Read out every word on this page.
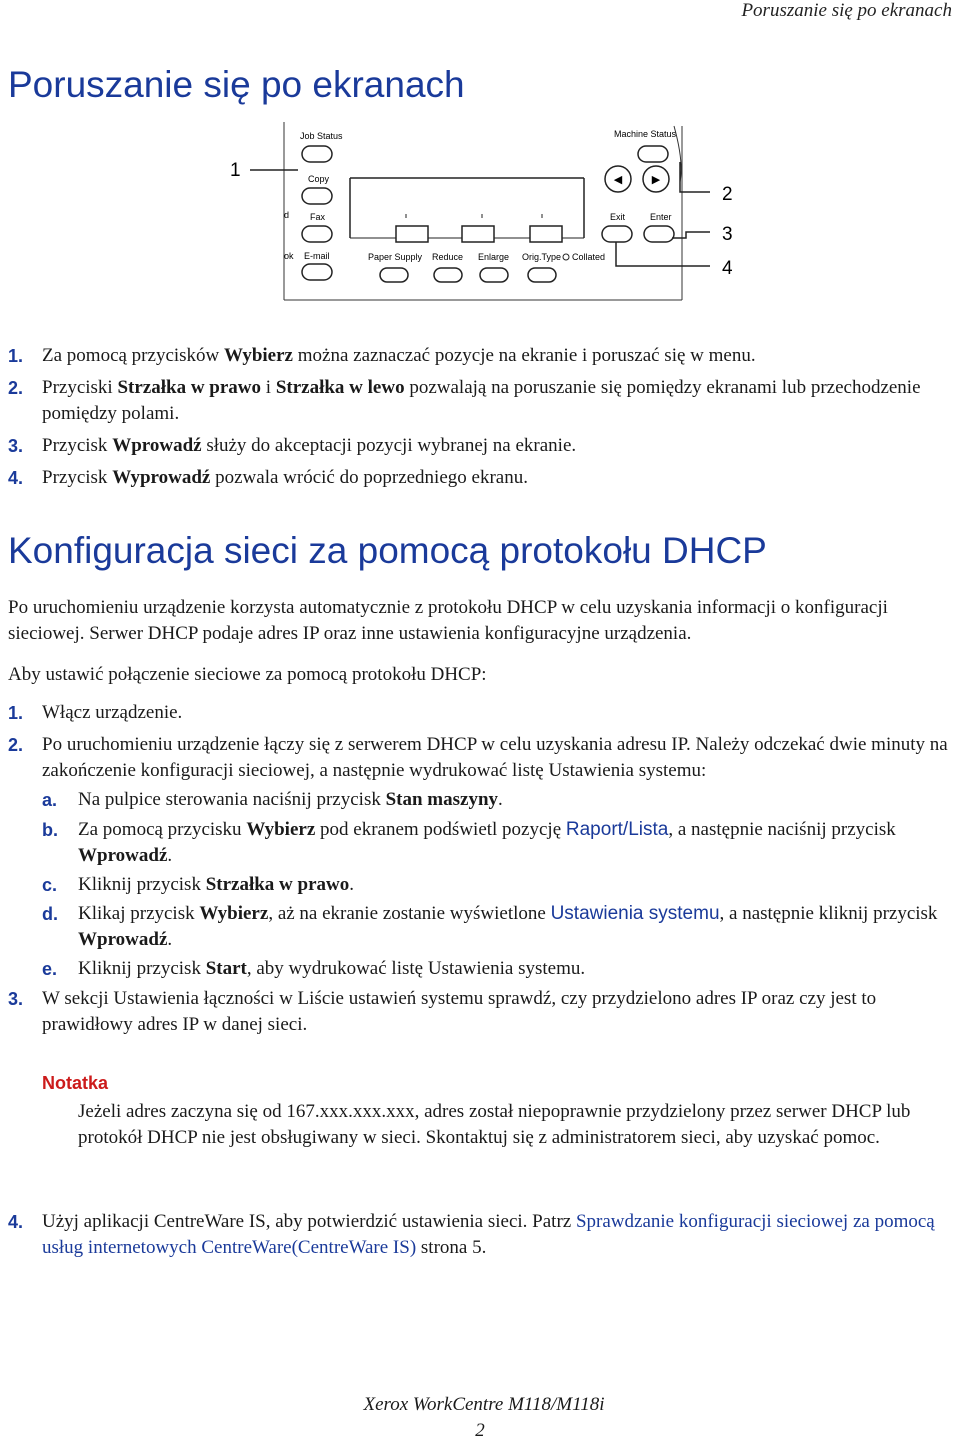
Poruszanie się po ekranach
Poruszanie się po ekranach
Job Status
Copy
Fax
d
E-mail
ok	Paper Supply Reduce Enlarge Orig.Type Collated
Machine Status
◀	▶
Exit	Enter
1
2
3
4
1. Za pomocą przycisków Wybierz można zaznaczać pozycje na ekranie i poruszać się w menu.
2. Przyciski Strzałka w prawo i Strzałka w lewo pozwalają na poruszanie się pomiędzy ekranami lub przechodzenie pomiędzy polami.
3. Przycisk Wprowadź służy do akceptacji pozycji wybranej na ekranie.
4. Przycisk Wyprowadź pozwala wrócić do poprzedniego ekranu.
Konfiguracja sieci za pomocą protokołu DHCP
Po uruchomieniu urządzenie korzysta automatycznie z protokołu DHCP w celu uzyskania informacji o konfiguracji sieciowej. Serwer DHCP podaje adres IP oraz inne ustawienia konfiguracyjne urządzenia.
Aby ustawić połączenie sieciowe za pomocą protokołu DHCP:
1. Włącz urządzenie.
2. Po uruchomieniu urządzenie łączy się z serwerem DHCP w celu uzyskania adresu IP. Należy odczekać dwie minuty na zakończenie konfiguracji sieciowej, a następnie wydrukować listę Ustawienia systemu:
a. Na pulpice sterowania naciśnij przycisk Stan maszyny.
b. Za pomocą przycisku Wybierz pod ekranem podświetl pozycję Raport/Lista, a następnie naciśnij przycisk Wprowadź.
c. Kliknij przycisk Strzałka w prawo.
d. Klikaj przycisk Wybierz, aż na ekranie zostanie wyświetlone Ustawienia systemu, a następnie kliknij przycisk Wprowadź.
e. Kliknij przycisk Start, aby wydrukować listę Ustawienia systemu.
3. W sekcji Ustawienia łączności w Liście ustawień systemu sprawdź, czy przydzielono adres IP oraz czy jest to prawidłowy adres IP w danej sieci.
Notatka
Jeżeli adres zaczyna się od 167.xxx.xxx.xxx, adres został niepoprawnie przydzielony przez serwer DHCP lub protokół DHCP nie jest obsługiwany w sieci. Skontaktuj się z administratorem sieci, aby uzyskać pomoc.
4. Użyj aplikacji CentreWare IS, aby potwierdzić ustawienia sieci. Patrz Sprawdzanie konfiguracji sieciowej za pomocą usług internetowych CentreWare(CentreWare IS) strona 5.
Xerox WorkCentre M118/M118i
2
